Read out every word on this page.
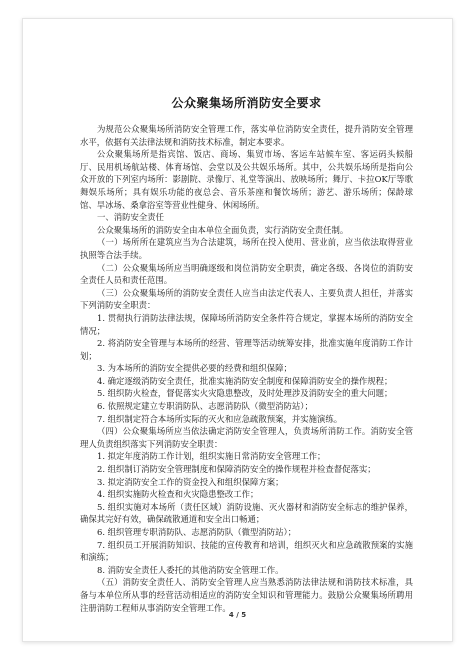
公众聚集场所消防安全要求

为规范公众聚集场所消防安全管理工作，落实单位消防安全责任，提升消防安全管理水平，依据有关法律法规和消防技术标准，制定本要求。

公众聚集场所是指宾馆、饭店、商场、集贸市场、客运车站候车室、客运码头候船厅、民用机场航站楼、体育场馆、会堂以及公共娱乐场所。其中，公共娱乐场所是指向公众开放的下列室内场所：影剧院、录像厅、礼堂等演出、放映场所；舞厅、卡拉OK厅等歌舞娱乐场所；具有娱乐功能的夜总会、音乐茶座和餐饮场所；游艺、游乐场所；保龄球馆、旱冰场、桑拿浴室等营业性健身、休闲场所。

一、消防安全责任

公众聚集场所的消防安全由本单位全面负责，实行消防安全责任制。

（一）场所所在建筑应当为合法建筑，场所在投入使用、营业前，应当依法取得营业执照等合法手续。

（二）公众聚集场所应当明确逐级和岗位消防安全职责，确定各级、各岗位的消防安全责任人员和责任范围。

（三）公众聚集场所的消防安全责任人应当由法定代表人、主要负责人担任，并落实下列消防安全职责：

1. 贯彻执行消防法律法规，保障场所消防安全条件符合规定，掌握本场所的消防安全情况；

2. 将消防安全管理与本场所的经营、管理等活动统筹安排，批准实施年度消防工作计划；

3. 为本场所的消防安全提供必要的经费和组织保障；

4. 确定逐级消防安全责任，批准实施消防安全制度和保障消防安全的操作规程；

5. 组织防火检查，督促落实火灾隐患整改，及时处理涉及消防安全的重大问题；

6. 依照规定建立专职消防队、志愿消防队（微型消防站）；

7. 组织制定符合本场所实际的灭火和应急疏散预案，并实施演练。

（四）公众聚集场所应当依法确定消防安全管理人，负责场所消防工作。消防安全管理人负责组织落实下列消防安全职责：

1. 拟定年度消防工作计划，组织实施日常消防安全管理工作；

2. 组织制订消防安全管理制度和保障消防安全的操作规程并检查督促落实；

3. 拟定消防安全工作的资金投入和组织保障方案；

4. 组织实施防火检查和火灾隐患整改工作；

5. 组织实施对本场所（责任区域）消防设施、灭火器材和消防安全标志的维护保养，确保其完好有效，确保疏散通道和安全出口畅通；

6. 组织管理专职消防队、志愿消防队（微型消防站）；

7. 组织员工开展消防知识、技能的宣传教育和培训，组织灭火和应急疏散预案的实施和演练；

8. 消防安全责任人委托的其他消防安全管理工作。

（五）消防安全责任人、消防安全管理人应当熟悉消防法律法规和消防技术标准，具备与本单位所从事的经营活动相适应的消防安全知识和管理能力。鼓励公众聚集场所聘用注册消防工程师从事消防安全管理工作。

4 / 5
